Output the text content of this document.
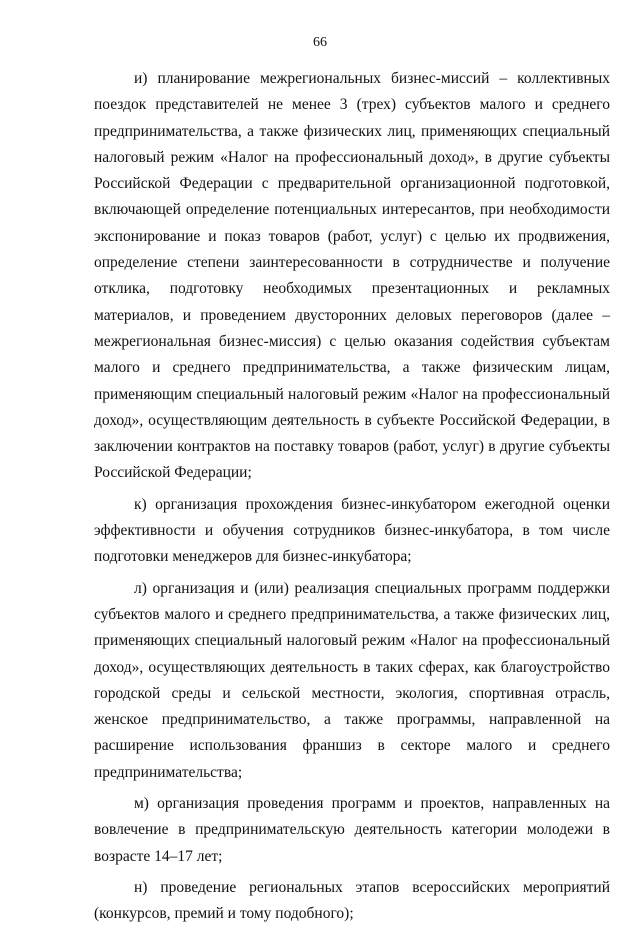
66

и) планирование межрегиональных бизнес-миссий – коллективных поездок представителей не менее 3 (трех) субъектов малого и среднего предпринимательства, а также физических лиц, применяющих специальный налоговый режим «Налог на профессиональный доход», в другие субъекты Российской Федерации с предварительной организационной подготовкой, включающей определение потенциальных интересантов, при необходимости экспонирование и показ товаров (работ, услуг) с целью их продвижения, определение степени заинтересованности в сотрудничестве и получение отклика, подготовку необходимых презентационных и рекламных материалов, и проведением двусторонних деловых переговоров (далее – межрегиональная бизнес-миссия) с целью оказания содействия субъектам малого и среднего предпринимательства, а также физическим лицам, применяющим специальный налоговый режим «Налог на профессиональный доход», осуществляющим деятельность в субъекте Российской Федерации, в заключении контрактов на поставку товаров (работ, услуг) в другие субъекты Российской Федерации;

к) организация прохождения бизнес-инкубатором ежегодной оценки эффективности и обучения сотрудников бизнес-инкубатора, в том числе подготовки менеджеров для бизнес-инкубатора;

л) организация и (или) реализация специальных программ поддержки субъектов малого и среднего предпринимательства, а также физических лиц, применяющих специальный налоговый режим «Налог на профессиональный доход», осуществляющих деятельность в таких сферах, как благоустройство городской среды и сельской местности, экология, спортивная отрасль, женское предпринимательство, а также программы, направленной на расширение использования франшиз в секторе малого и среднего предпринимательства;

м) организация проведения программ и проектов, направленных на вовлечение в предпринимательскую деятельность категории молодежи в возрасте 14–17 лет;

н) проведение региональных этапов всероссийских мероприятий (конкурсов, премий и тому подобного);
